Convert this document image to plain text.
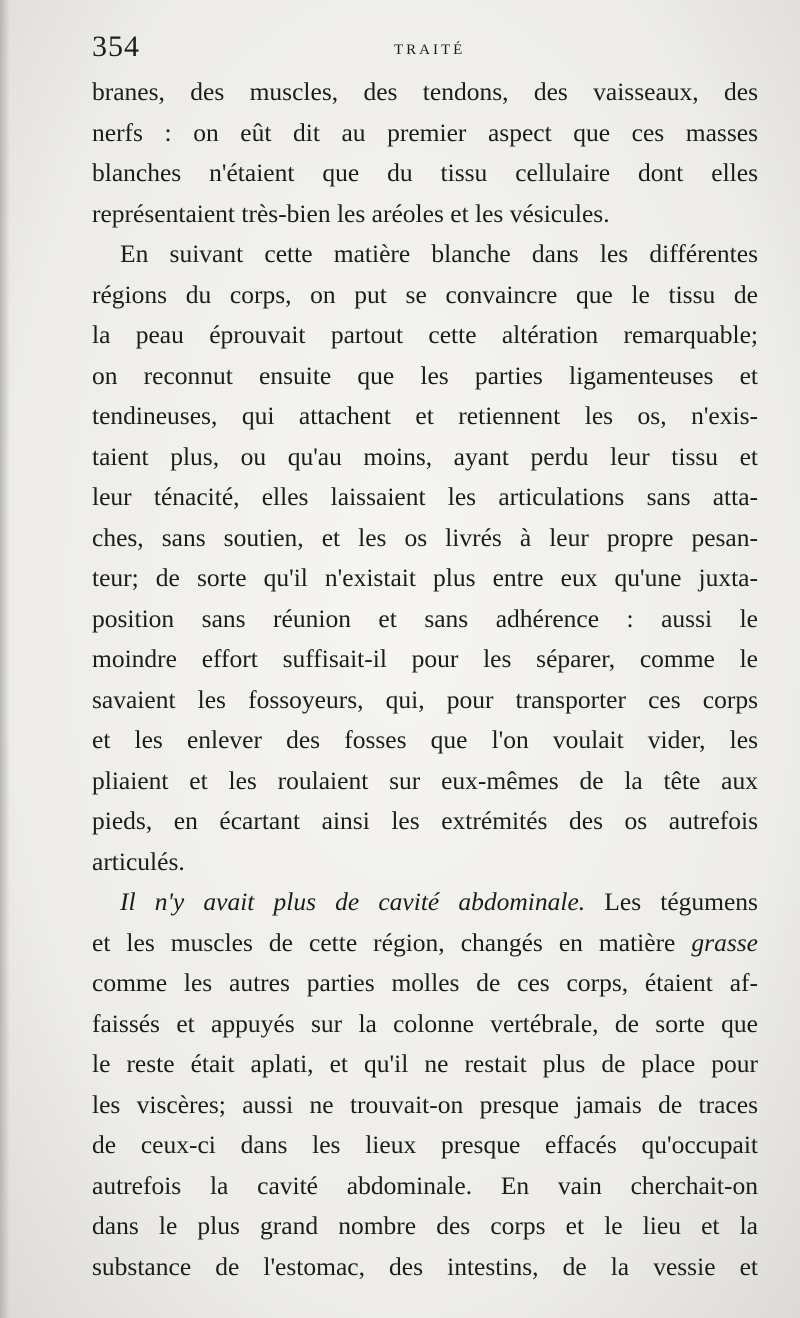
354	TRAITÉ
branes, des muscles, des tendons, des vaisseaux, des
nerfs : on eût dit au premier aspect que ces masses
blanches n'étaient que du tissu cellulaire dont elles
représentaient très-bien les aréoles et les vésicules.
En suivant cette matière blanche dans les différentes
régions du corps, on put se convaincre que le tissu de
la peau éprouvait partout cette altération remarquable;
on reconnut ensuite que les parties ligamenteuses et
tendineuses, qui attachent et retiennent les os, n'exis-
taient plus, ou qu'au moins, ayant perdu leur tissu et
leur ténacité, elles laissaient les articulations sans atta-
ches, sans soutien, et les os livrés à leur propre pesan-
teur; de sorte qu'il n'existait plus entre eux qu'une juxta-
position sans réunion et sans adhérence : aussi le
moindre effort suffisait-il pour les séparer, comme le
savaient les fossoyeurs, qui, pour transporter ces corps
et les enlever des fosses que l'on voulait vider, les
pliaient et les roulaient sur eux-mêmes de la tête aux
pieds, en écartant ainsi les extrémités des os autrefois
articulés.
Il n'y avait plus de cavité abdominale. Les tégumens
et les muscles de cette région, changés en matière grasse
comme les autres parties molles de ces corps, étaient af-
faissés et appuyés sur la colonne vertébrale, de sorte que
le reste était aplati, et qu'il ne restait plus de place pour
les viscères; aussi ne trouvait-on presque jamais de traces
de ceux-ci dans les lieux presque effacés qu'occupait
autrefois la cavité abdominale. En vain cherchait-on
dans le plus grand nombre des corps et le lieu et la
substance de l'estomac, des intestins, de la vessie et
